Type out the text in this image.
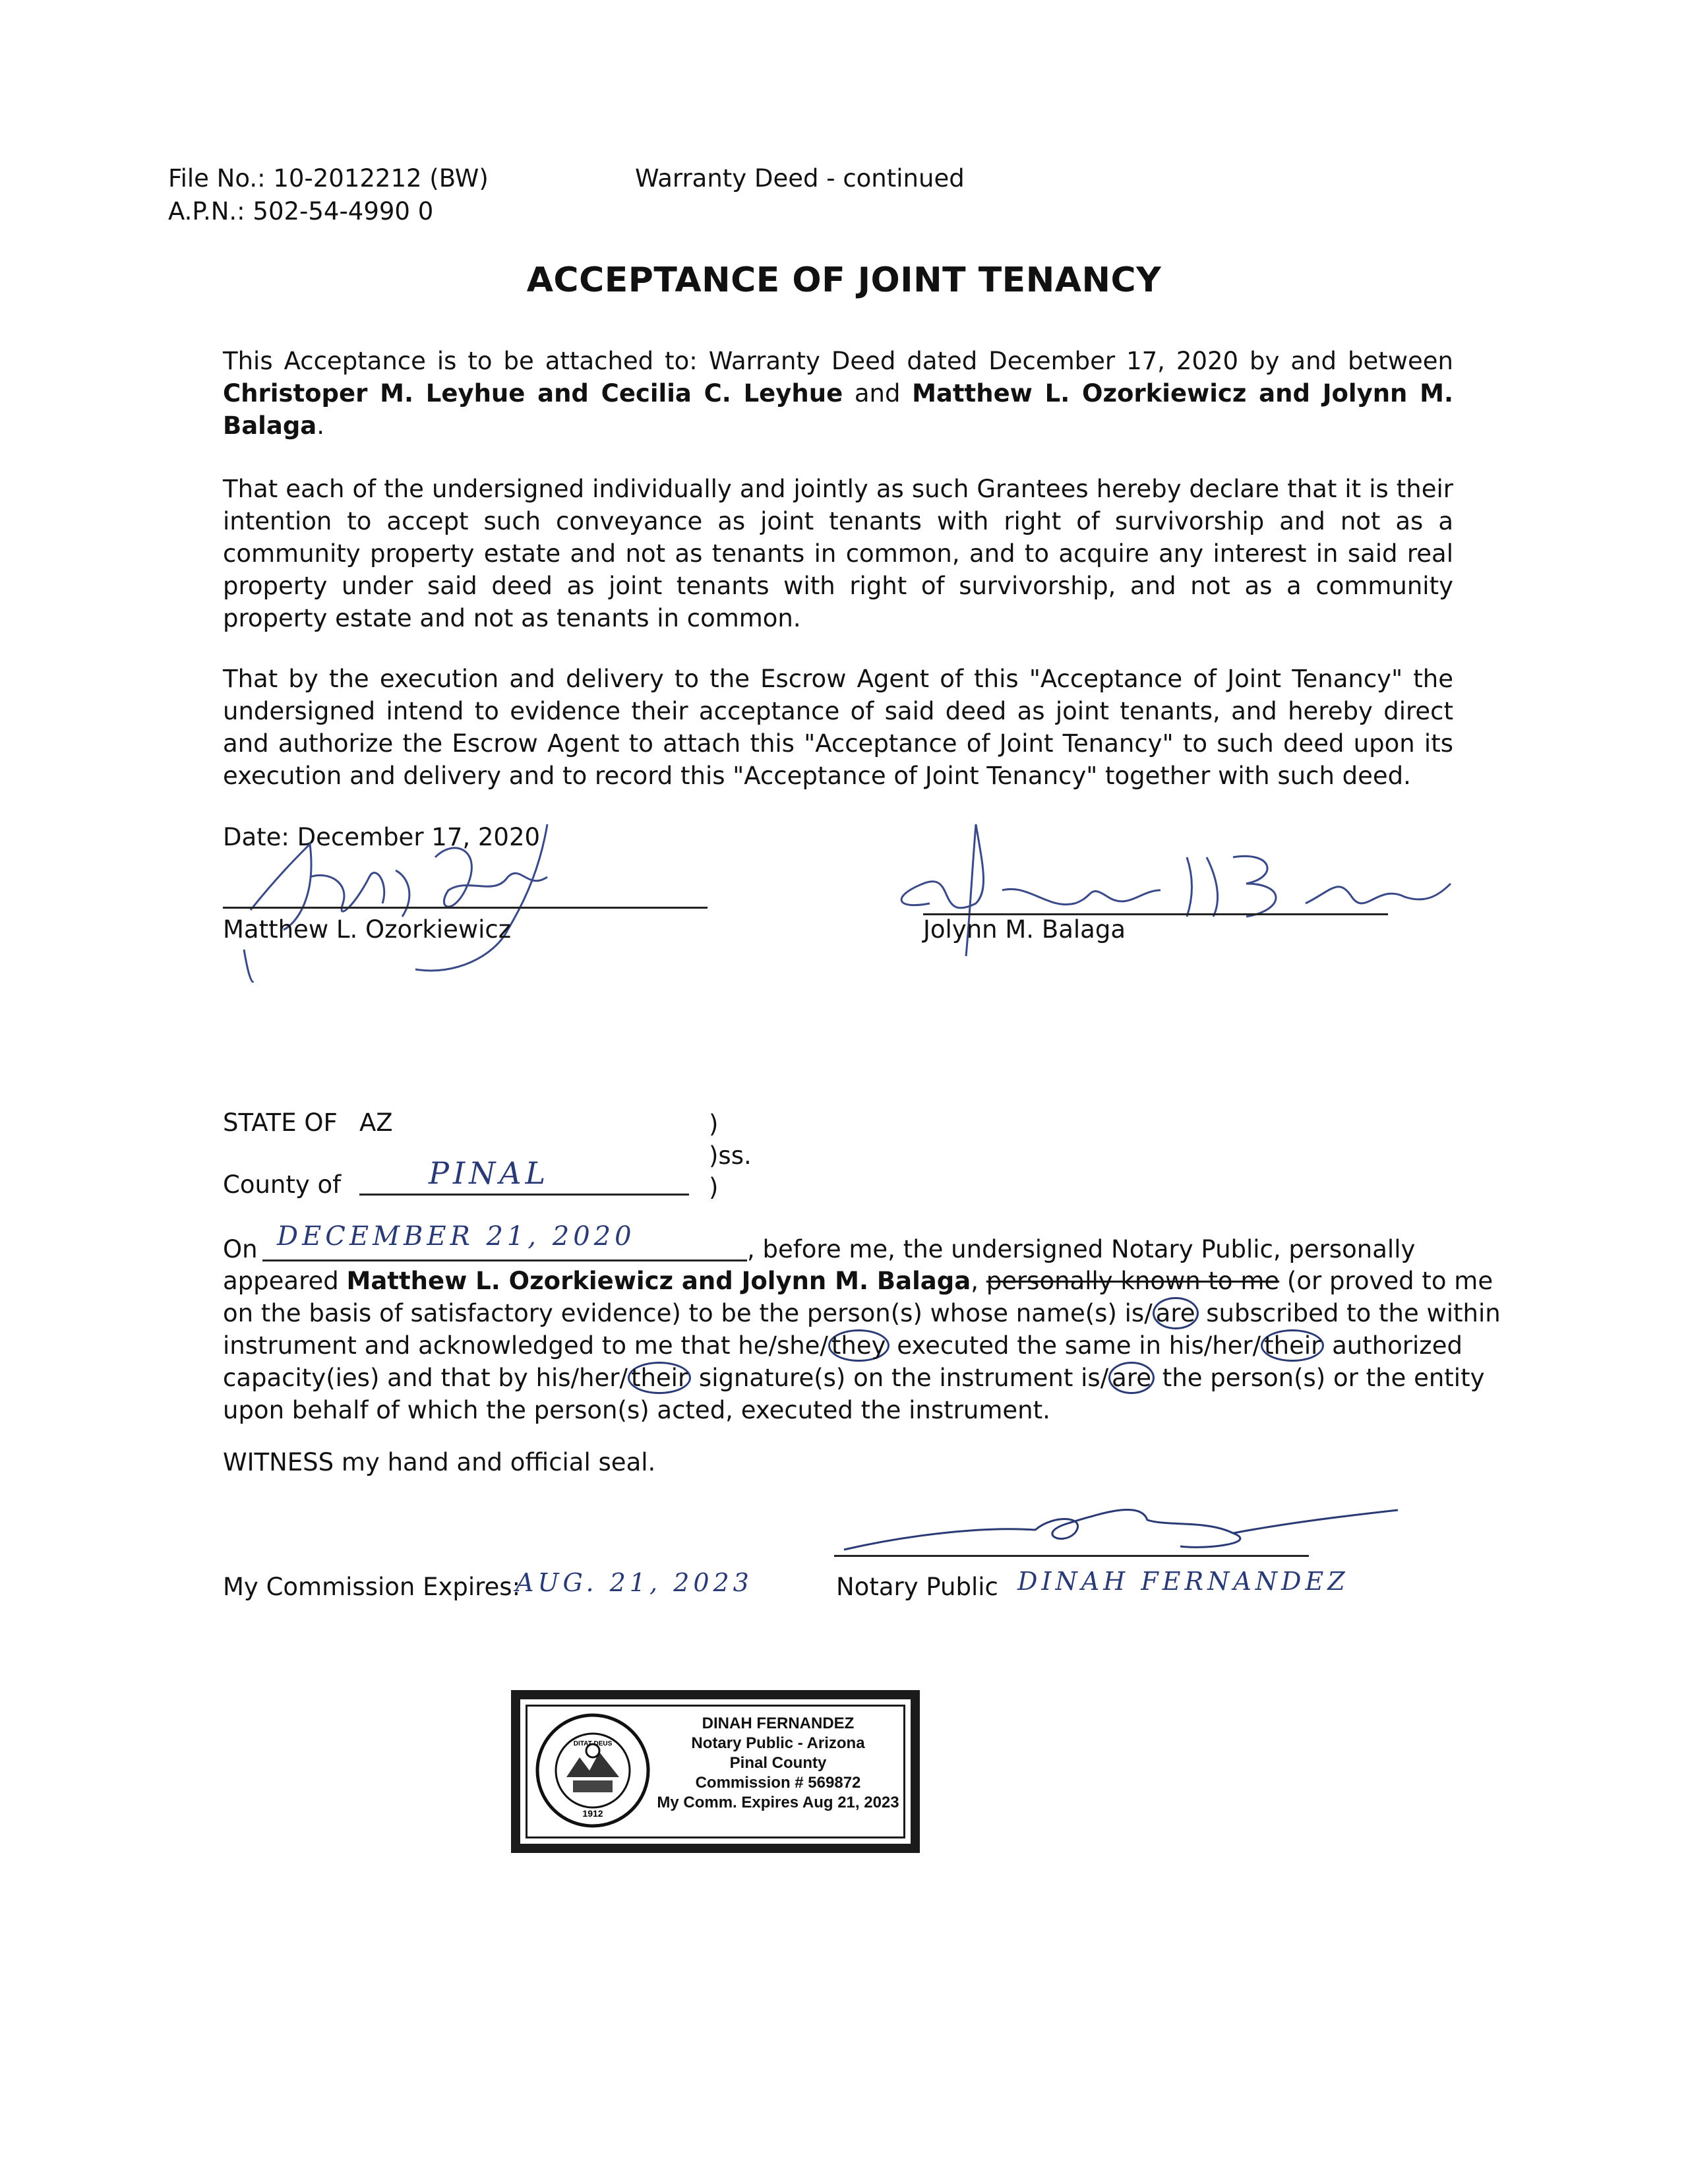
File No.: 10-2012212 (BW)
A.P.N.: 502-54-4990 0
Warranty Deed - continued
ACCEPTANCE OF JOINT TENANCY
This Acceptance is to be attached to: Warranty Deed dated December 17, 2020 by and between Christoper M. Leyhue and Cecilia C. Leyhue and Matthew L. Ozorkiewicz and Jolynn M. Balaga.
That each of the undersigned individually and jointly as such Grantees hereby declare that it is their intention to accept such conveyance as joint tenants with right of survivorship and not as a community property estate and not as tenants in common, and to acquire any interest in said real property under said deed as joint tenants with right of survivorship, and not as a community property estate and not as tenants in common.
That by the execution and delivery to the Escrow Agent of this "Acceptance of Joint Tenancy" the undersigned intend to evidence their acceptance of said deed as joint tenants, and hereby direct and authorize the Escrow Agent to attach this "Acceptance of Joint Tenancy" to such deed upon its execution and delivery and to record this "Acceptance of Joint Tenancy" together with such deed.
Date: December 17, 2020
Matthew L. Ozorkiewicz	Jolynn M. Balaga
STATE OF AZ
County of	PINAL
)
)ss.
)
On DECEMBER 21, 2020	, before me, the undersigned Notary Public, personally
appeared Matthew L. Ozorkiewicz and Jolynn M. Balaga, personally known to me (or proved to me
on the basis of satisfactory evidence) to be the person(s) whose name(s) is/ are subscribed to the within
instrument and acknowledged to me that he/she/ they executed the same in his/her/ their authorized
capacity(ies) and that by his/her/ their signature(s) on the instrument is/ are the person(s) or the entity
upon behalf of which the person(s) acted, executed the instrument.
WITNESS my hand and official seal.
My Commission Expires:
AUG. 21, 2023	Notary Public DINAH FERNANDEZ
DITAT DEUS
1912
DINAH FERNANDEZ
Notary Public - Arizona
Pinal County
Commission # 569872
My Comm. Expires Aug 21, 2023
